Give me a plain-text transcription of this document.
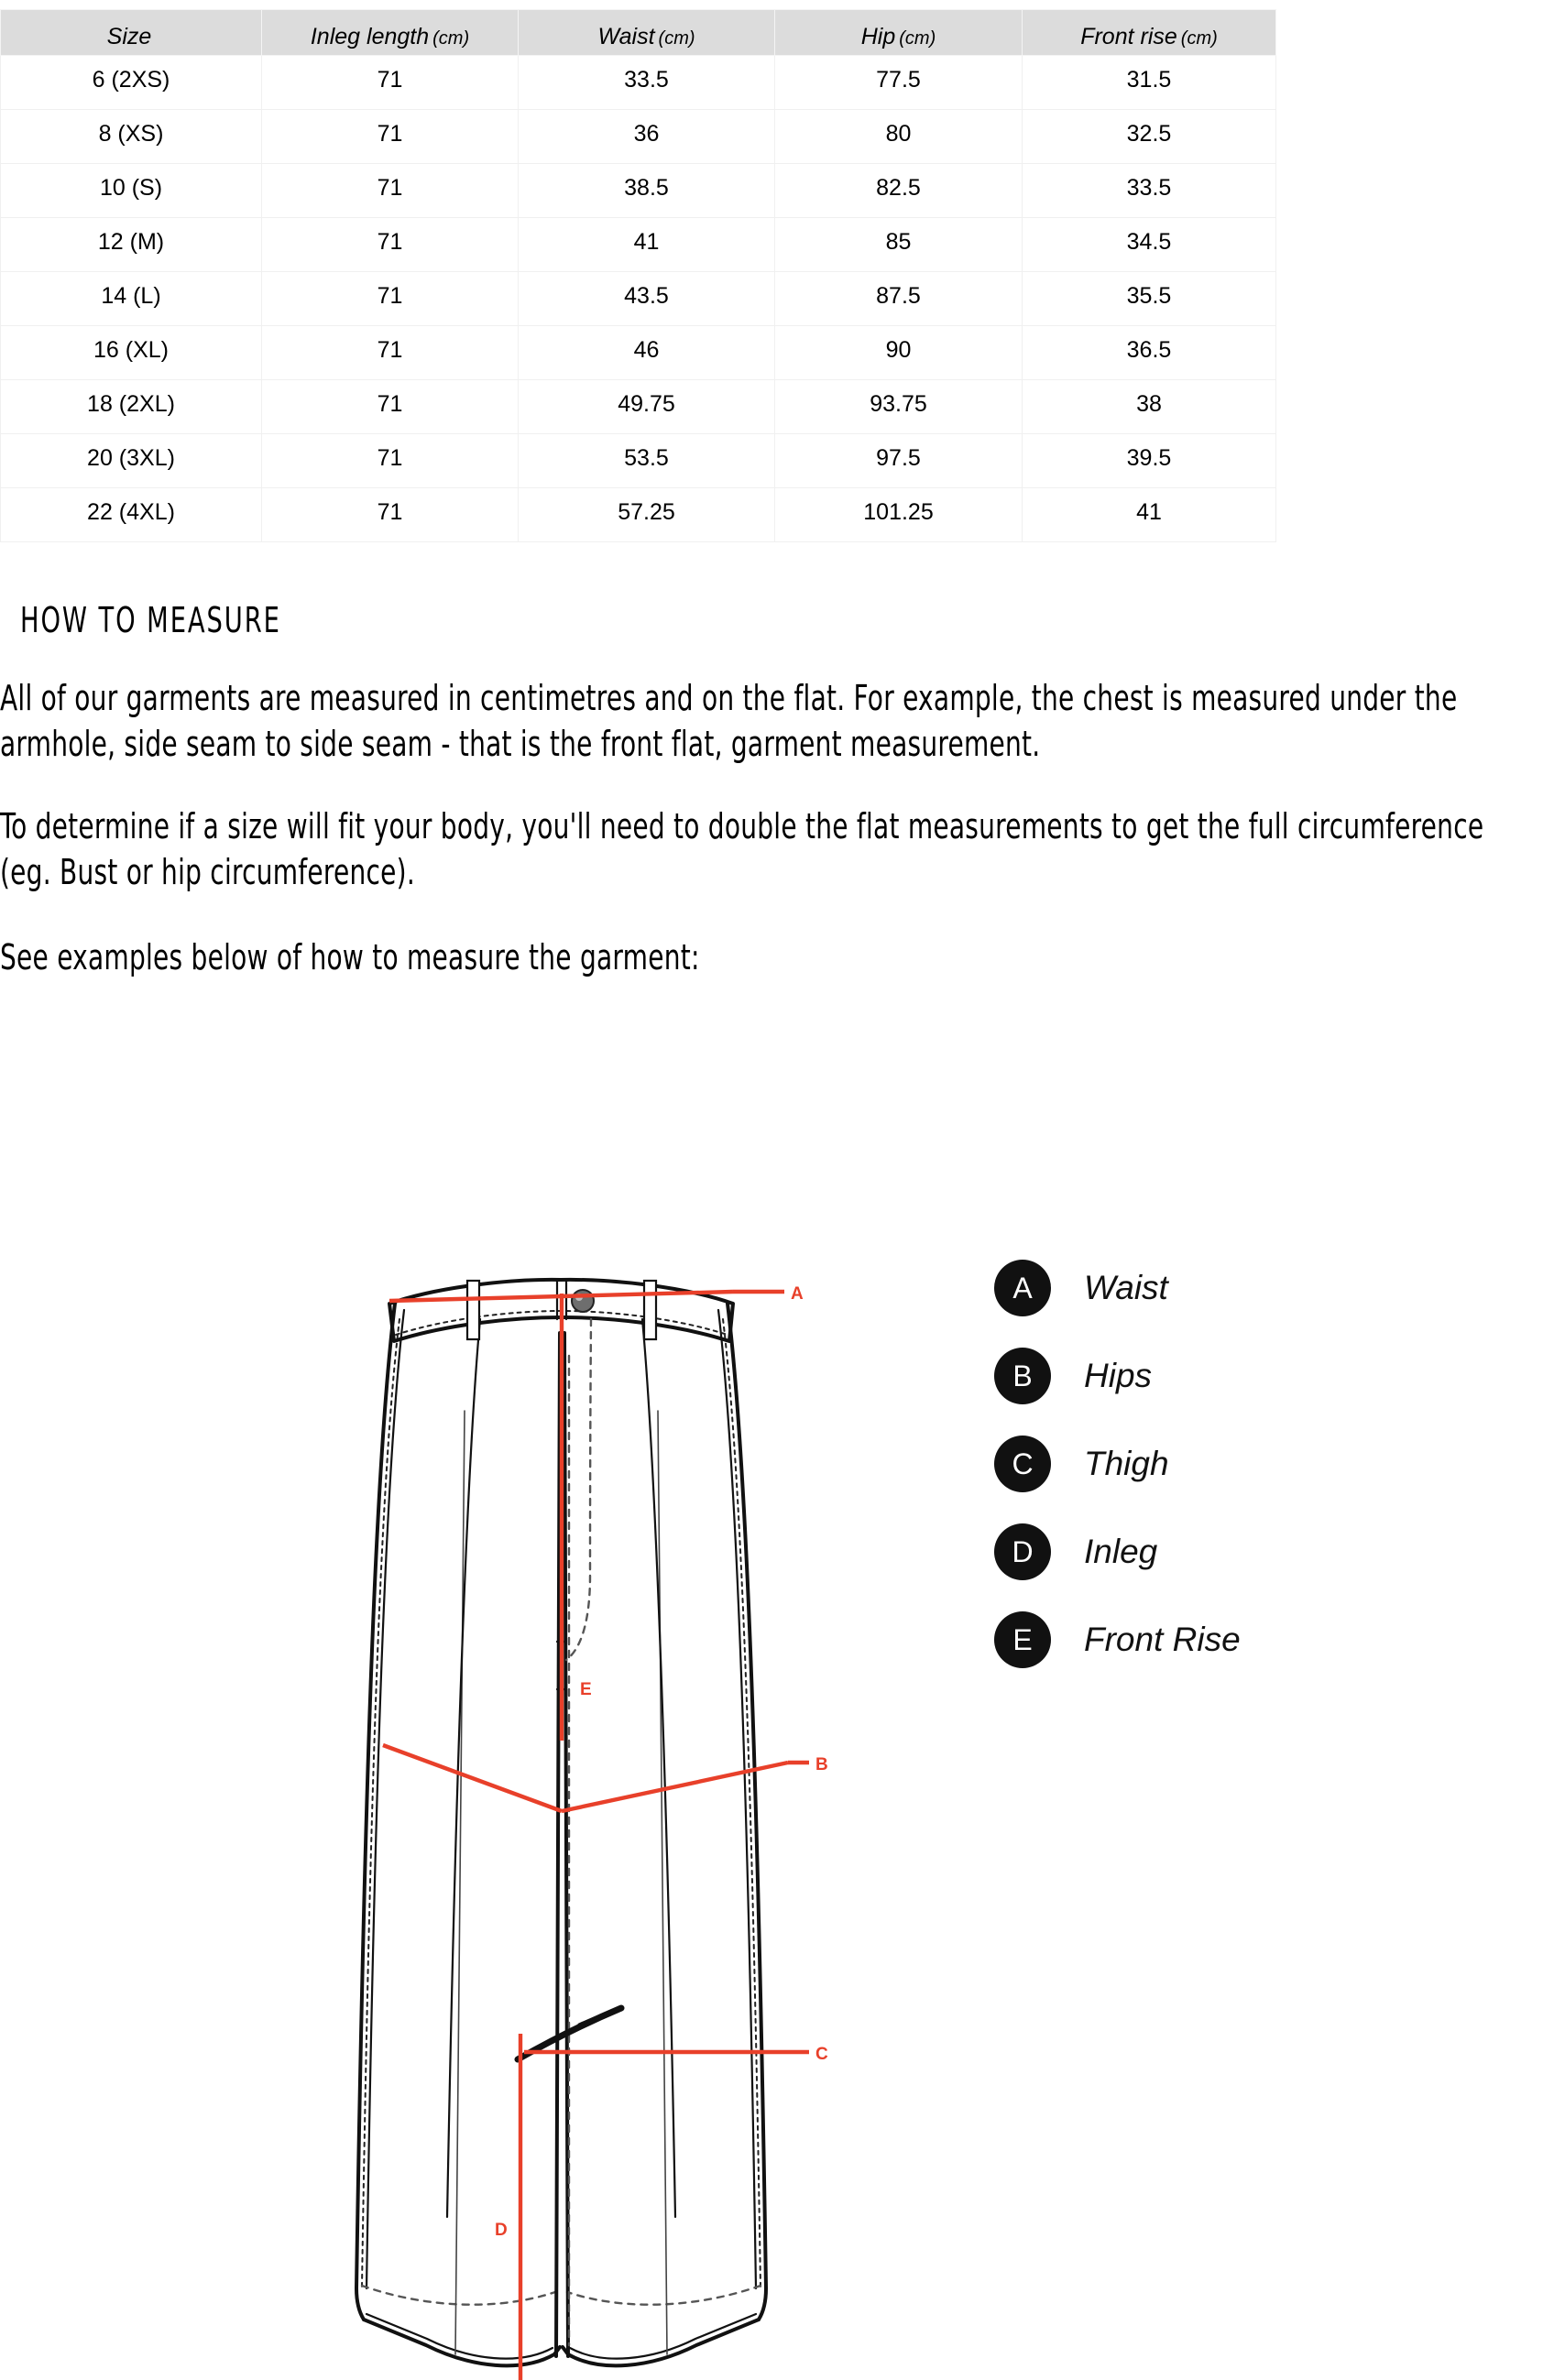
Size	Inleg length (cm)	Waist (cm)	Hip (cm)	Front rise (cm)
6 (2XS)	71	33.5	77.5	31.5
8 (XS)	71	36	80	32.5
10 (S)	71	38.5	82.5	33.5
12 (M)	71	41	85	34.5
14 (L)	71	43.5	87.5	35.5
16 (XL)	71	46	90	36.5
18 (2XL)	71	49.75	93.75	38
20 (3XL)	71	53.5	97.5	39.5
22 (4XL)	71	57.25	101.25	41
HOW TO MEASURE

All of our garments are measured in centimetres and on the flat. For example, the chest is measured under the armhole, side seam to side seam - that is the front flat, garment measurement.

To determine if a size will fit your body, you'll need to double the flat measurements to get the full circumference (eg. Bust or hip circumference).

See examples below of how to measure the garment:

A
E
B
C
D
A	Waist
B	Hips
C	Thigh
D	Inleg
E	Front Rise
